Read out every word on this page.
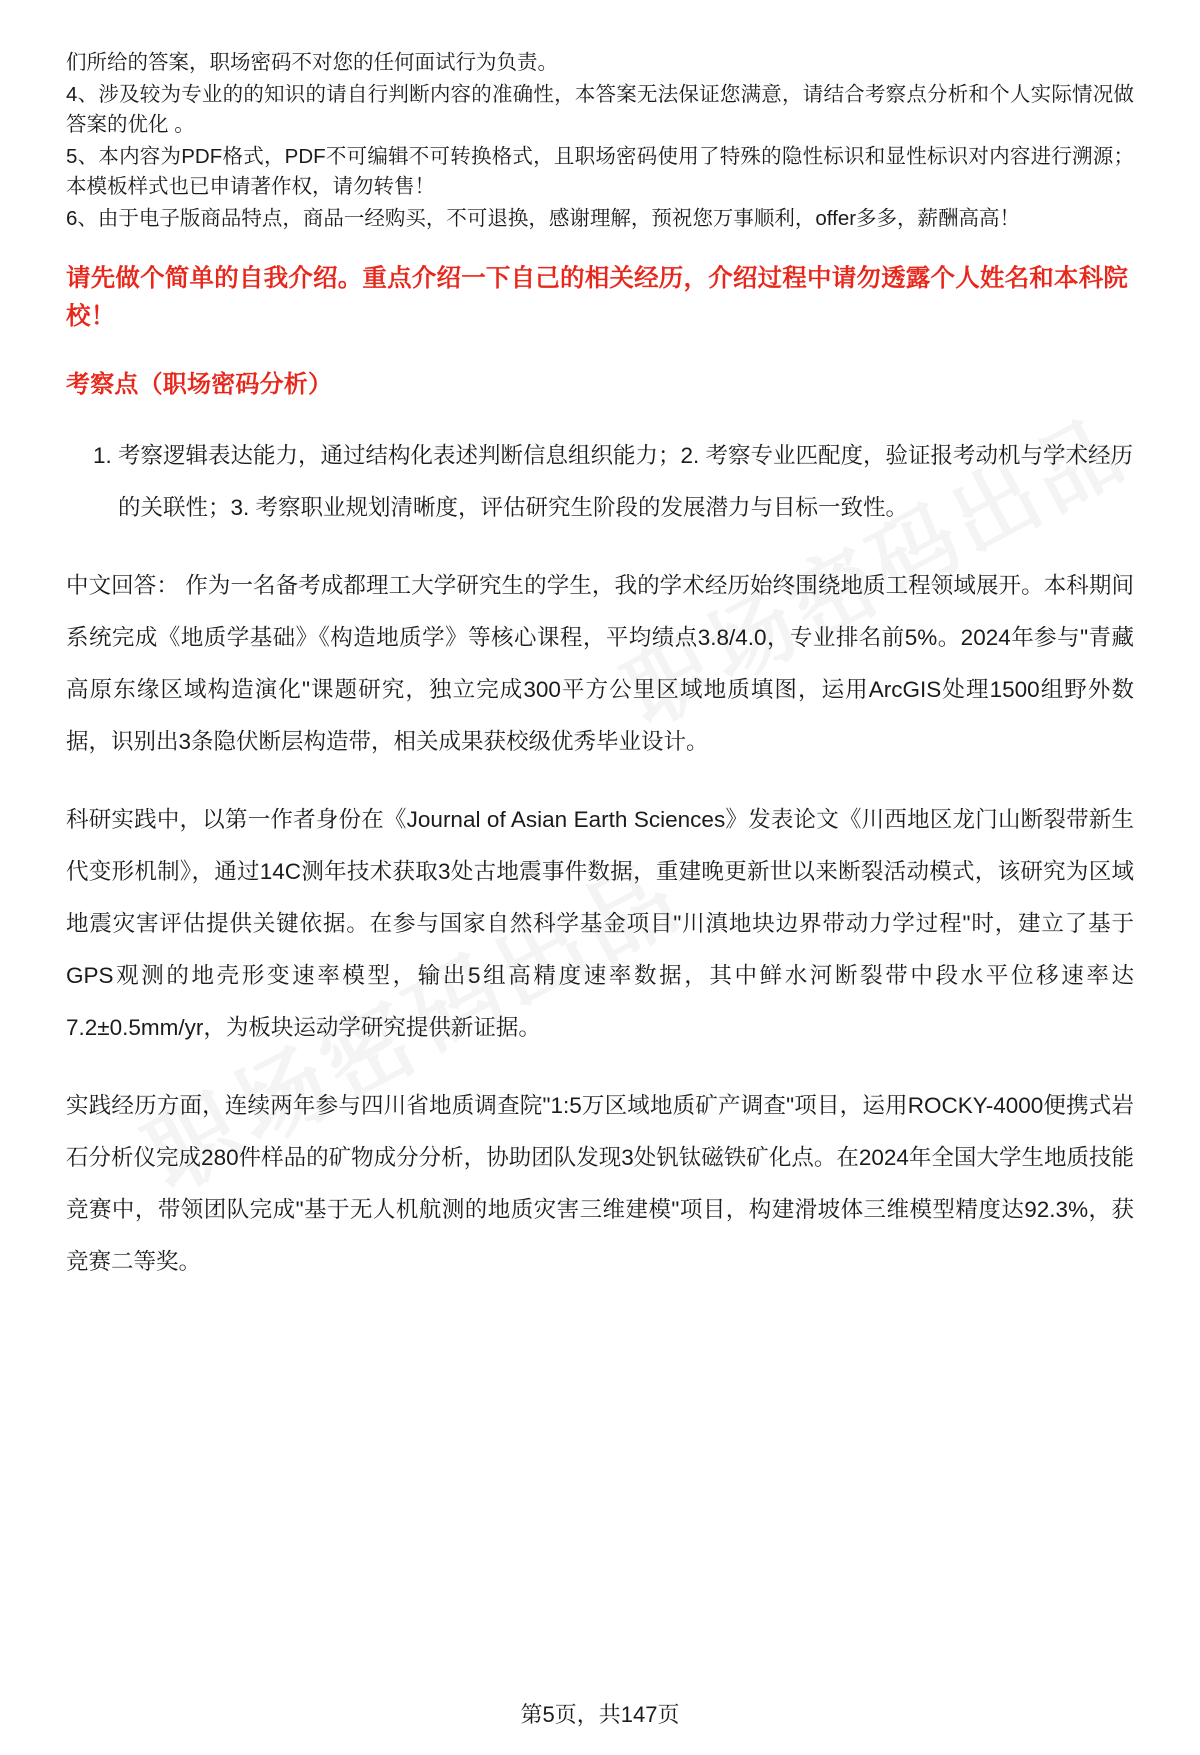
们所给的答案，职场密码不对您的任何面试行为负责。

4、涉及较为专业的的知识的请自行判断内容的准确性，本答案无法保证您满意，请结合考察点分析和个人实际情况做答案的优化 。

5、本内容为PDF格式，PDF不可编辑不可转换格式，且职场密码使用了特殊的隐性标识和显性标识对内容进行溯源；本模板样式也已申请著作权，请勿转售！

6、由于电子版商品特点，商品一经购买，不可退换，感谢理解，预祝您万事顺利，offer多多，薪酬高高！

请先做个简单的自我介绍。重点介绍一下自己的相关经历，介绍过程中请勿透露个人姓名和本科院校！
考察点（职场密码分析）
1. 考察逻辑表达能力，通过结构化表述判断信息组织能力；2. 考察专业匹配度，验证报考动机与学术经历的关联性；3. 考察职业规划清晰度，评估研究生阶段的发展潜力与目标一致性。

中文回答： 作为一名备考成都理工大学研究生的学生，我的学术经历始终围绕地质工程领域展开。本科期间系统完成《地质学基础》《构造地质学》等核心课程，平均绩点3.8/4.0，专业排名前5%。2024年参与"青藏高原东缘区域构造演化"课题研究，独立完成300平方公里区域地质填图，运用ArcGIS处理1500组野外数据，识别出3条隐伏断层构造带，相关成果获校级优秀毕业设计。

科研实践中，以第一作者身份在《Journal of Asian Earth Sciences》发表论文《川西地区龙门山断裂带新生代变形机制》，通过14C测年技术获取3处古地震事件数据，重建晚更新世以来断裂活动模式，该研究为区域地震灾害评估提供关键依据。在参与国家自然科学基金项目"川滇地块边界带动力学过程"时，建立了基于GPS观测的地壳形变速率模型，输出5组高精度速率数据，其中鲜水河断裂带中段水平位移速率达7.2±0.5mm/yr，为板块运动学研究提供新证据。

实践经历方面，连续两年参与四川省地质调查院"1:5万区域地质矿产调查"项目，运用ROCKY-4000便携式岩石分析仪完成280件样品的矿物成分分析，协助团队发现3处钒钛磁铁矿化点。在2024年全国大学生地质技能竞赛中，带领团队完成"基于无人机航测的地质灾害三维建模"项目，构建滑坡体三维模型精度达92.3%，获竞赛二等奖。

第5页，共147页
